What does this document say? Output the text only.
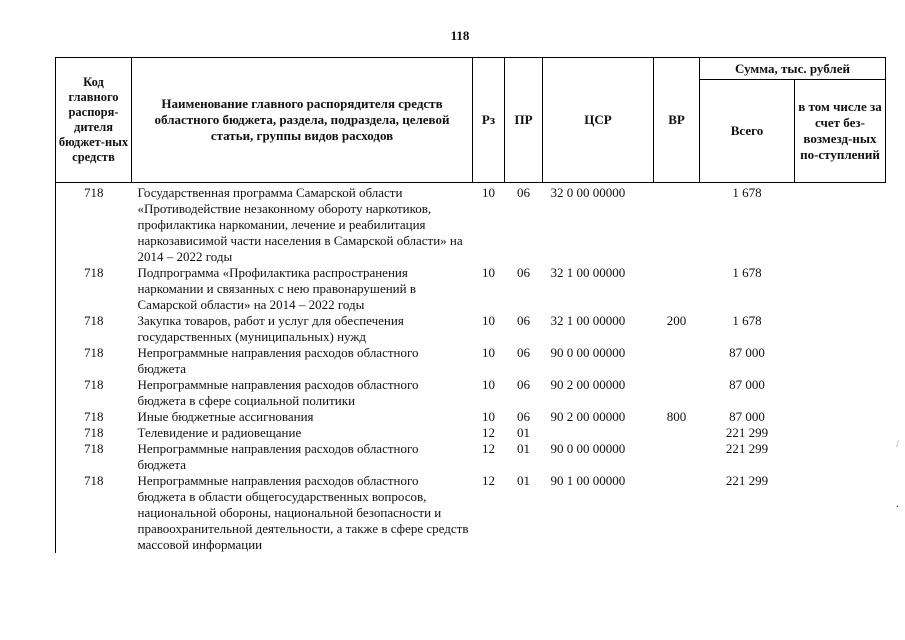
118
Код главного распоря-дителя бюджет-ных средств	Наименование главного распорядителя средств областного бюджета, раздела, подраздела, целевой статьи, группы видов расходов	Рз	ПР	ЦСР	ВР	Сумма, тыс. рублей	
						Всего	в том числе за счет без-возмезд-ных по-ступлений
718	Государственная программа Самарской области «Противодействие незаконному обороту наркотиков, профилактика наркомании, лечение и реабилитация наркозависимой части населения в Самарской области» на 2014 – 2022 годы	10	06	32 0 00 00000		1 678	
718	Подпрограмма «Профилактика распространения наркомании и связанных с нею правонарушений в Самарской области» на 2014 – 2022 годы	10	06	32 1 00 00000		1 678	
718	Закупка товаров, работ и услуг для обеспечения государственных (муниципальных) нужд	10	06	32 1 00 00000	200	1 678	
718	Непрограммные направления расходов областного бюджета	10	06	90 0 00 00000		87 000	
718	Непрограммные направления расходов областного бюджета в сфере социальной политики	10	06	90 2 00 00000		87 000	
718	Иные бюджетные ассигнования	10	06	90 2 00 00000	800	87 000	
718	Телевидение и радиовещание	12	01			221 299	
718	Непрограммные направления расходов областного бюджета	12	01	90 0 00 00000		221 299	
718	Непрограммные направления расходов областного бюджета в области общегосударственных вопросов, национальной обороны, национальной безопасности и правоохранительной деятельности, а также в сфере средств массовой информации	12	01	90 1 00 00000		221 299	
/
.
